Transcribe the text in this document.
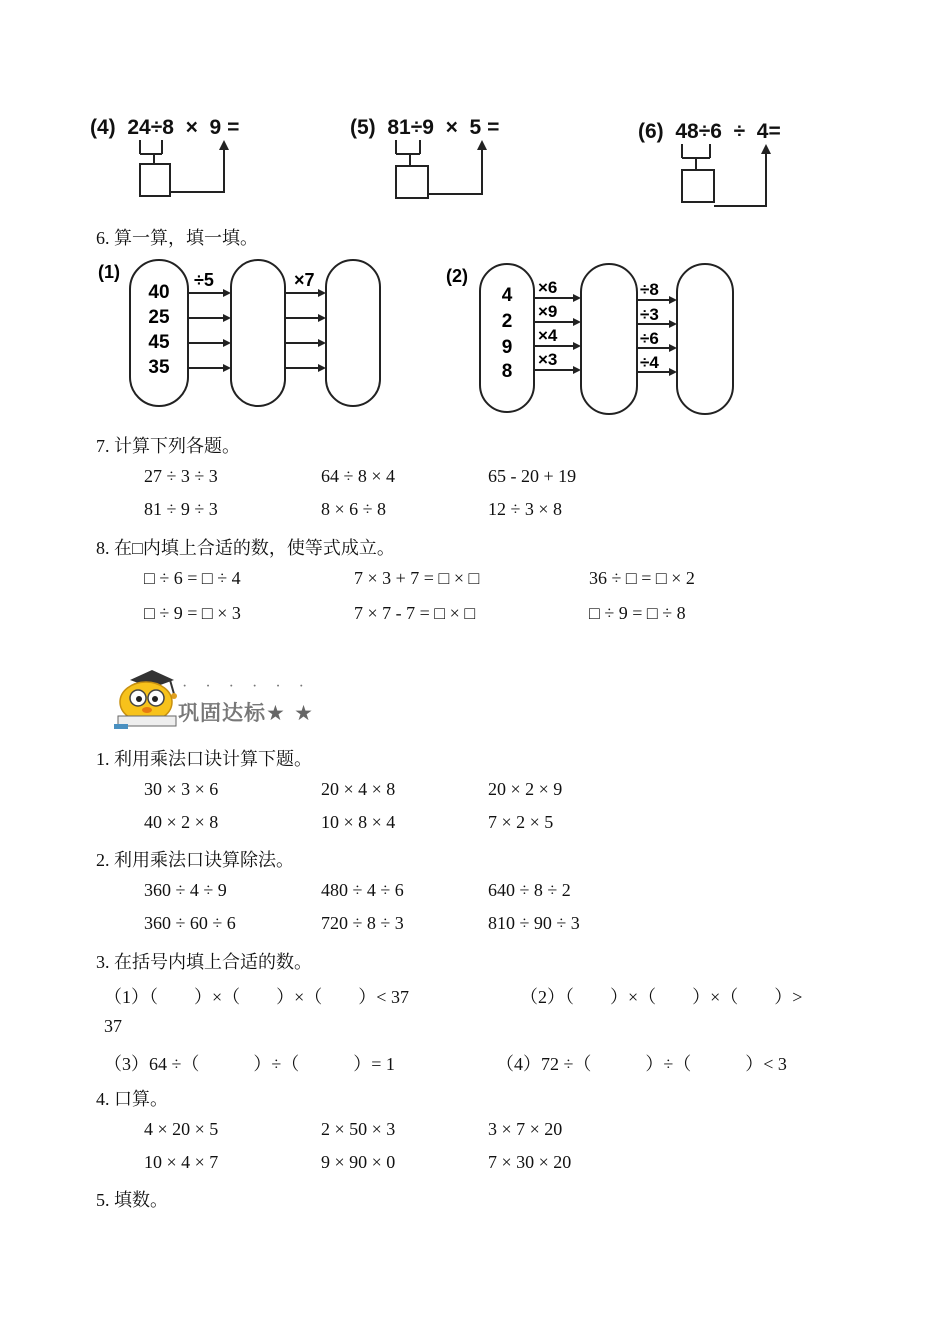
(4) 24÷8 × 9 =	(5) 81÷9 × 5 =	(6) 48÷6 ÷ 4=
6. 算一算，填一填。
(1)
40
25
45
35
÷5	×7	(2)
4
2
9
8
×6
×9
×4
×3
÷8
÷3
÷6
÷4
7. 计算下列各题。
27 ÷ 3 ÷ 3	64 ÷ 8 × 4	65 - 20 + 19
81 ÷ 9 ÷ 3	8 × 6 ÷ 8	12 ÷ 3 × 8
8. 在□内填上合适的数，使等式成立。
□ ÷ 6 = □ ÷ 4	7 × 3 + 7 = □ × □	36 ÷ □ = □ × 2
□ ÷ 9 = □ × 3	7 × 7 - 7 = □ × □	□ ÷ 9 = □ ÷ 8
· · · · · ·
巩固达标★ ★
1. 利用乘法口诀计算下题。
30 × 3 × 6	20 × 4 × 8	20 × 2 × 9
40 × 2 × 8	10 × 8 × 4	7 × 2 × 5
2. 利用乘法口诀算除法。
360 ÷ 4 ÷ 9	480 ÷ 4 ÷ 6	640 ÷ 8 ÷ 2
360 ÷ 60 ÷ 6	720 ÷ 8 ÷ 3	810 ÷ 90 ÷ 3
3. 在括号内填上合适的数。
（1）（　　）×（　　）×（　　）< 37	（2）（　　）×（　　）×（　　）>
37
（3）64 ÷（　　　）÷（　　　）= 1	（4）72 ÷（　　　）÷（　　　）< 3
4. 口算。
4 × 20 × 5	2 × 50 × 3	3 × 7 × 20
10 × 4 × 7	9 × 90 × 0	7 × 30 × 20
5. 填数。
